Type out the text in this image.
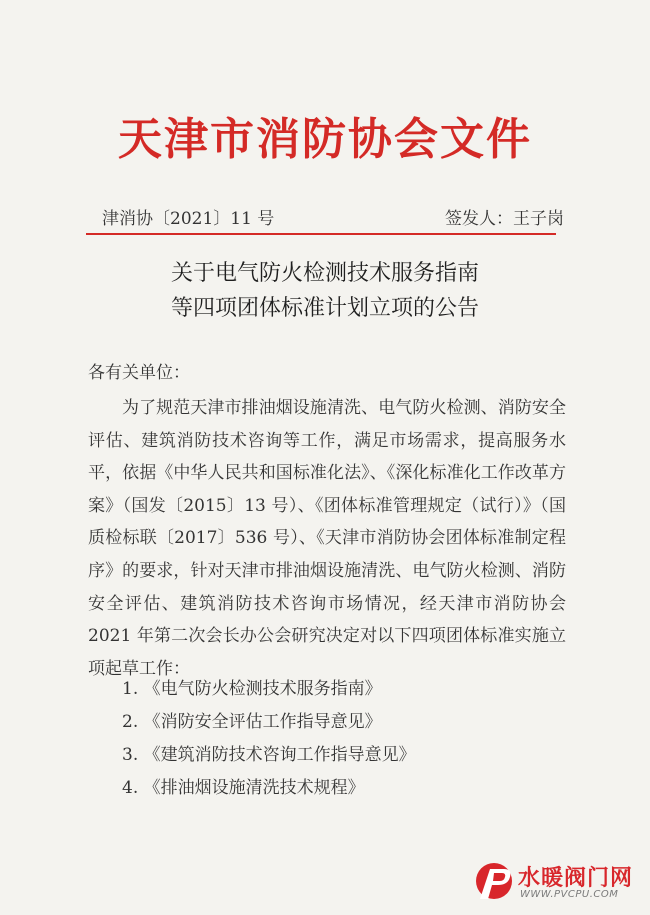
天津市消防协会文件
津消协〔2021〕11 号	签发人：王子岗
关于电气防火检测技术服务指南
等四项团体标准计划立项的公告
各有关单位：
为了规范天津市排油烟设施清洗、电气防火检测、消防安全评估、建筑消防技术咨询等工作，满足市场需求，提高服务水平，依据《中华人民共和国标准化法》、《深化标准化工作改革方案》（国发〔2015〕13 号）、《团体标准管理规定（试行）》（国质检标联〔2017〕536 号）、《天津市消防协会团体标准制定程序》的要求，针对天津市排油烟设施清洗、电气防火检测、消防安全评估、建筑消防技术咨询市场情况，经天津市消防协会 2021 年第二次会长办公会研究决定对以下四项团体标准实施立项起草工作：
1. 《电气防火检测技术服务指南》
2. 《消防安全评估工作指导意见》
3. 《建筑消防技术咨询工作指导意见》
4. 《排油烟设施清洗技术规程》
水暖阀门网
WWW.PVCPU.COM
